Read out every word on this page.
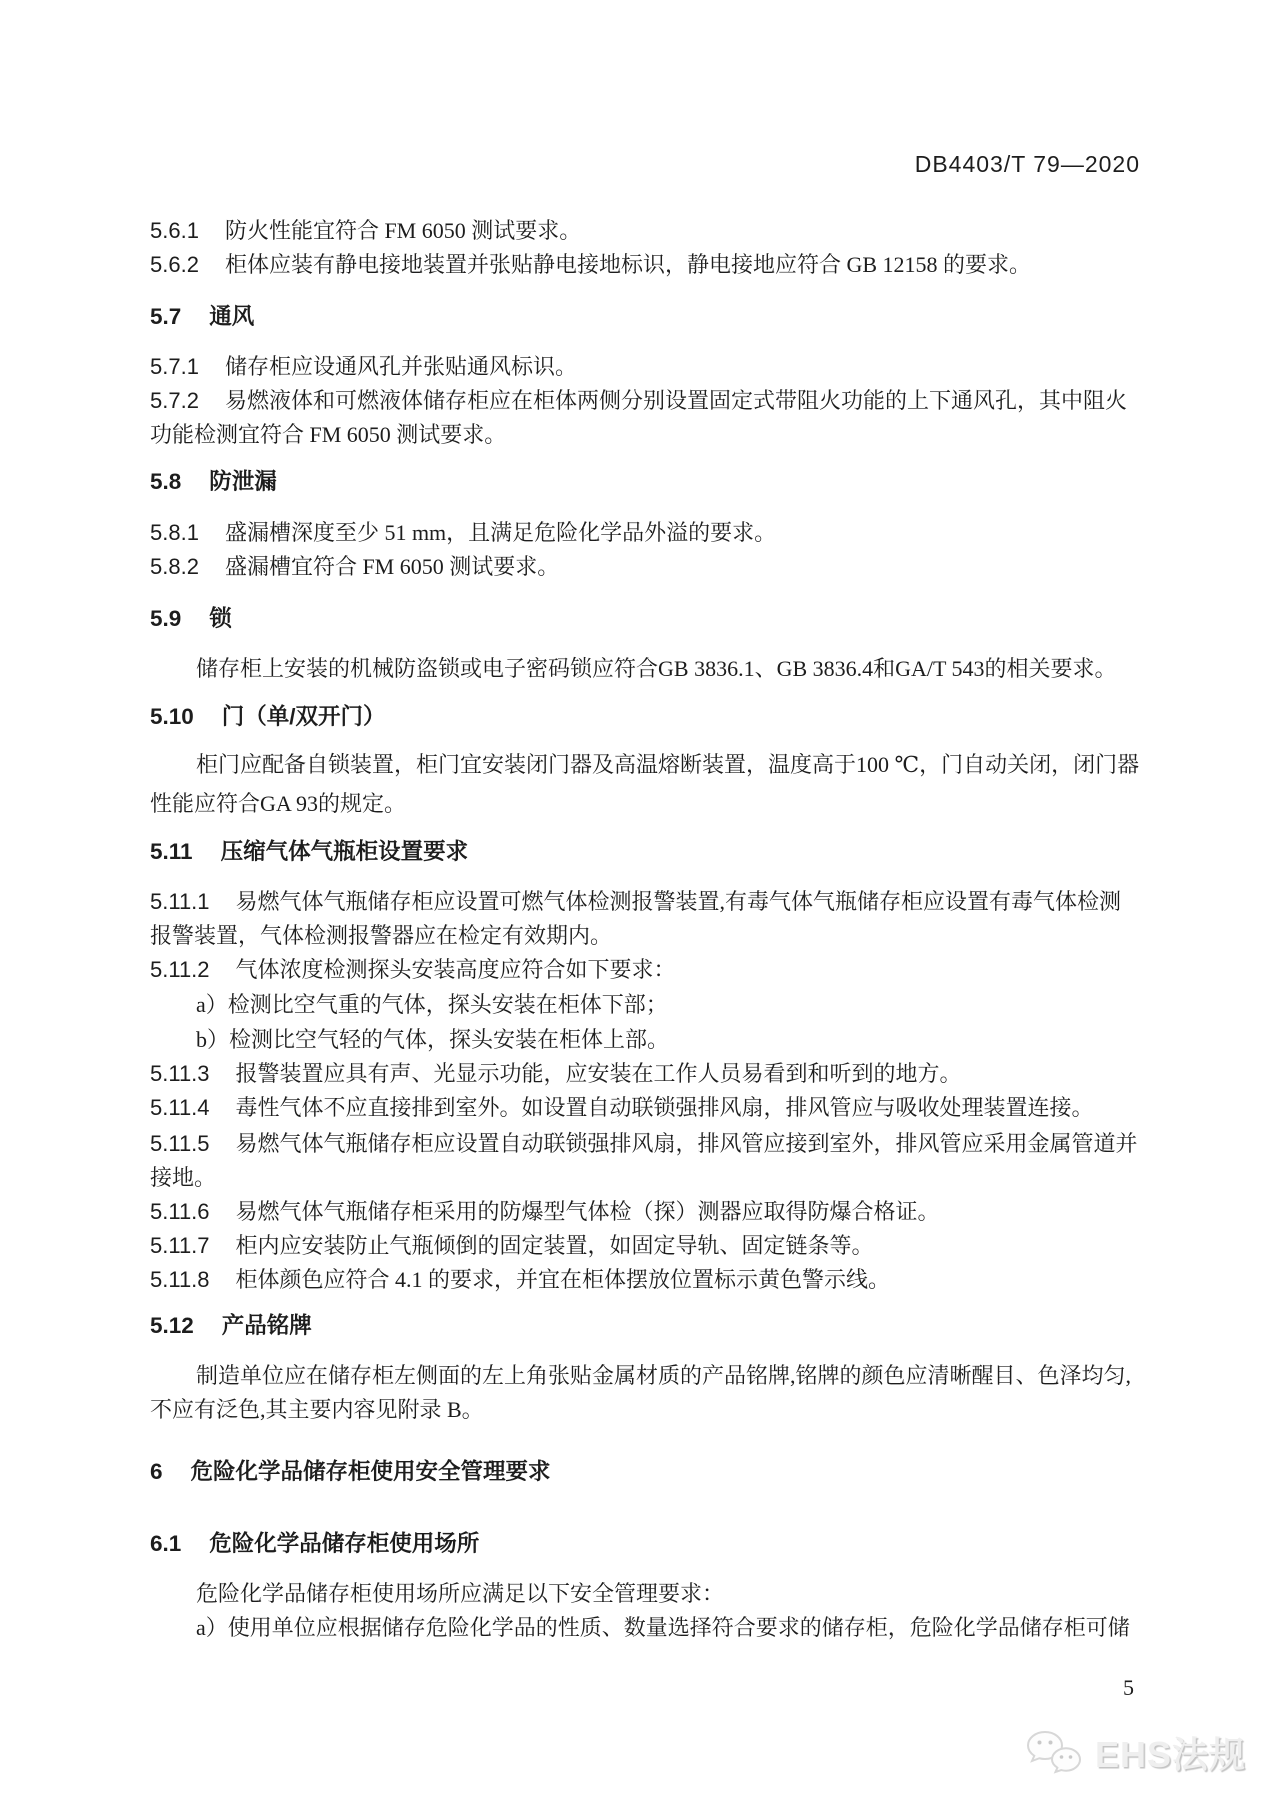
DB4403/T 79—2020
5.6.1 防火性能宜符合 FM 6050 测试要求。
5.6.2 柜体应装有静电接地装置并张贴静电接地标识，静电接地应符合 GB 12158 的要求。
5.7 通风
5.7.1 储存柜应设通风孔并张贴通风标识。
5.7.2 易燃液体和可燃液体储存柜应在柜体两侧分别设置固定式带阻火功能的上下通风孔，其中阻火
功能检测宜符合 FM 6050 测试要求。
5.8 防泄漏
5.8.1 盛漏槽深度至少 51 mm，且满足危险化学品外溢的要求。
5.8.2 盛漏槽宜符合 FM 6050 测试要求。
5.9 锁
储存柜上安装的机械防盗锁或电子密码锁应符合GB 3836.1、GB 3836.4和GA/T 543的相关要求。
5.10 门（单/双开门）
柜门应配备自锁装置，柜门宜安装闭门器及高温熔断装置，温度高于100 ℃，门自动关闭，闭门器
性能应符合GA 93的规定。
5.11 压缩气体气瓶柜设置要求
5.11.1 易燃气体气瓶储存柜应设置可燃气体检测报警装置,有毒气体气瓶储存柜应设置有毒气体检测
报警装置，气体检测报警器应在检定有效期内。
5.11.2 气体浓度检测探头安装高度应符合如下要求：
a）检测比空气重的气体，探头安装在柜体下部；
b）检测比空气轻的气体，探头安装在柜体上部。
5.11.3 报警装置应具有声、光显示功能，应安装在工作人员易看到和听到的地方。
5.11.4 毒性气体不应直接排到室外。如设置自动联锁强排风扇，排风管应与吸收处理装置连接。
5.11.5 易燃气体气瓶储存柜应设置自动联锁强排风扇，排风管应接到室外，排风管应采用金属管道并
接地。
5.11.6 易燃气体气瓶储存柜采用的防爆型气体检（探）测器应取得防爆合格证。
5.11.7 柜内应安装防止气瓶倾倒的固定装置，如固定导轨、固定链条等。
5.11.8 柜体颜色应符合 4.1 的要求，并宜在柜体摆放位置标示黄色警示线。
5.12 产品铭牌
制造单位应在储存柜左侧面的左上角张贴金属材质的产品铭牌,铭牌的颜色应清晰醒目、色泽均匀,
不应有泛色,其主要内容见附录 B。
6 危险化学品储存柜使用安全管理要求
6.1 危险化学品储存柜使用场所
危险化学品储存柜使用场所应满足以下安全管理要求：
a）使用单位应根据储存危险化学品的性质、数量选择符合要求的储存柜，危险化学品储存柜可储
5
EHS法规
